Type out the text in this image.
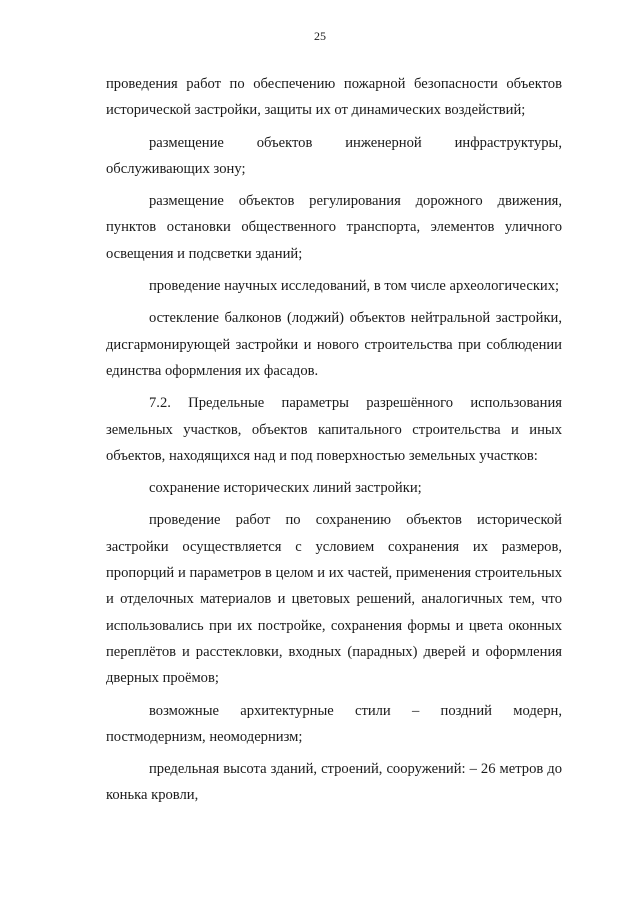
25

проведения работ по обеспечению пожарной безопасности объектов исторической застройки, защиты их от динамических воздействий;

размещение объектов инженерной инфраструктуры, обслуживающих зону;

размещение объектов регулирования дорожного движения, пунктов остановки общественного транспорта, элементов уличного освещения и подсветки зданий;

проведение научных исследований, в том числе археологических;

остекление балконов (лоджий) объектов нейтральной застройки, дисгармонирующей застройки и нового строительства при соблюдении единства оформления их фасадов.

7.2. Предельные параметры разрешённого использования земельных участков, объектов капитального строительства и иных объектов, находящихся над и под поверхностью земельных участков:

сохранение исторических линий застройки;

проведение работ по сохранению объектов исторической застройки осуществляется с условием сохранения их размеров, пропорций и параметров в целом и их частей, применения строительных и отделочных материалов и цветовых решений, аналогичных тем, что использовались при их постройке, сохранения формы и цвета оконных переплётов и расстекловки, входных (парадных) дверей и оформления дверных проёмов;

возможные архитектурные стили – поздний модерн, постмодернизм, неомодернизм;

предельная высота зданий, строений, сооружений: – 26 метров до конька кровли,
